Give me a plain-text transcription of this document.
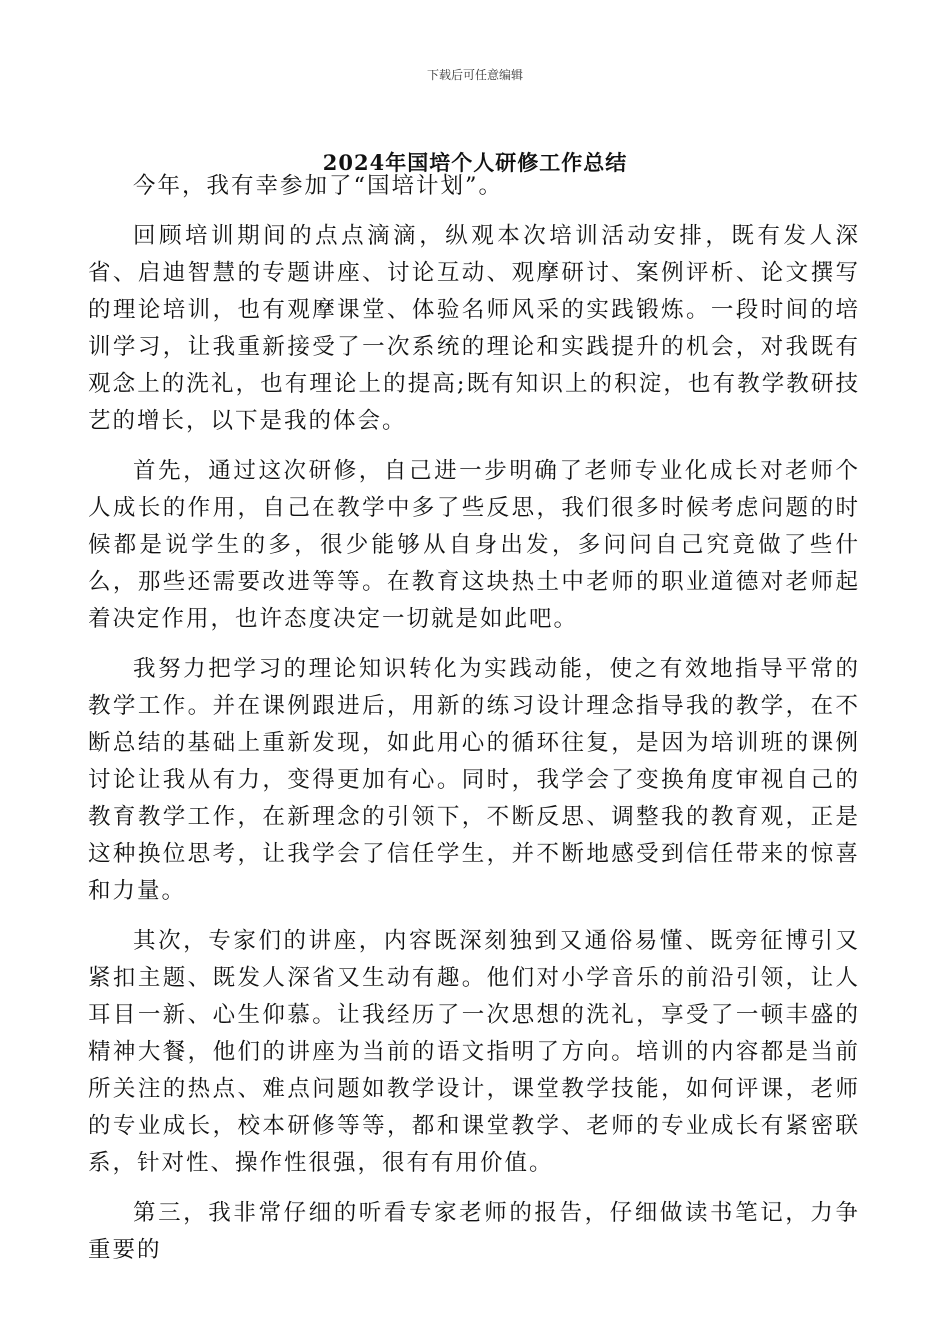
下载后可任意编辑
2024年国培个人研修工作总结

今年，我有幸参加了“国培计划”。

回顾培训期间的点点滴滴，纵观本次培训活动安排，既有发人深省、启迪智慧的专题讲座、讨论互动、观摩研讨、案例评析、论文撰写的理论培训，也有观摩课堂、体验名师风采的实践锻炼。一段时间的培训学习，让我重新接受了一次系统的理论和实践提升的机会，对我既有观念上的洗礼，也有理论上的提高;既有知识上的积淀，也有教学教研技艺的增长，以下是我的体会。

首先，通过这次研修，自己进一步明确了老师专业化成长对老师个人成长的作用，自己在教学中多了些反思，我们很多时候考虑问题的时候都是说学生的多，很少能够从自身出发，多问问自己究竟做了些什么，那些还需要改进等等。在教育这块热土中老师的职业道德对老师起着决定作用，也许态度决定一切就是如此吧。

我努力把学习的理论知识转化为实践动能，使之有效地指导平常的教学工作。并在课例跟进后，用新的练习设计理念指导我的教学，在不断总结的基础上重新发现，如此用心的循环往复，是因为培训班的课例讨论让我从有力，变得更加有心。同时，我学会了变换角度审视自己的教育教学工作，在新理念的引领下，不断反思、调整我的教育观，正是这种换位思考，让我学会了信任学生，并不断地感受到信任带来的惊喜和力量。

其次，专家们的讲座，内容既深刻独到又通俗易懂、既旁征博引又紧扣主题、既发人深省又生动有趣。他们对小学音乐的前沿引领，让人耳目一新、心生仰慕。让我经历了一次思想的洗礼，享受了一顿丰盛的精神大餐，他们的讲座为当前的语文指明了方向。培训的内容都是当前所关注的热点、难点问题如教学设计，课堂教学技能，如何评课，老师的专业成长，校本研修等等，都和课堂教学、老师的专业成长有紧密联系，针对性、操作性很强，很有有用价值。

第三，我非常仔细的听看专家老师的报告，仔细做读书笔记，力争重要的
